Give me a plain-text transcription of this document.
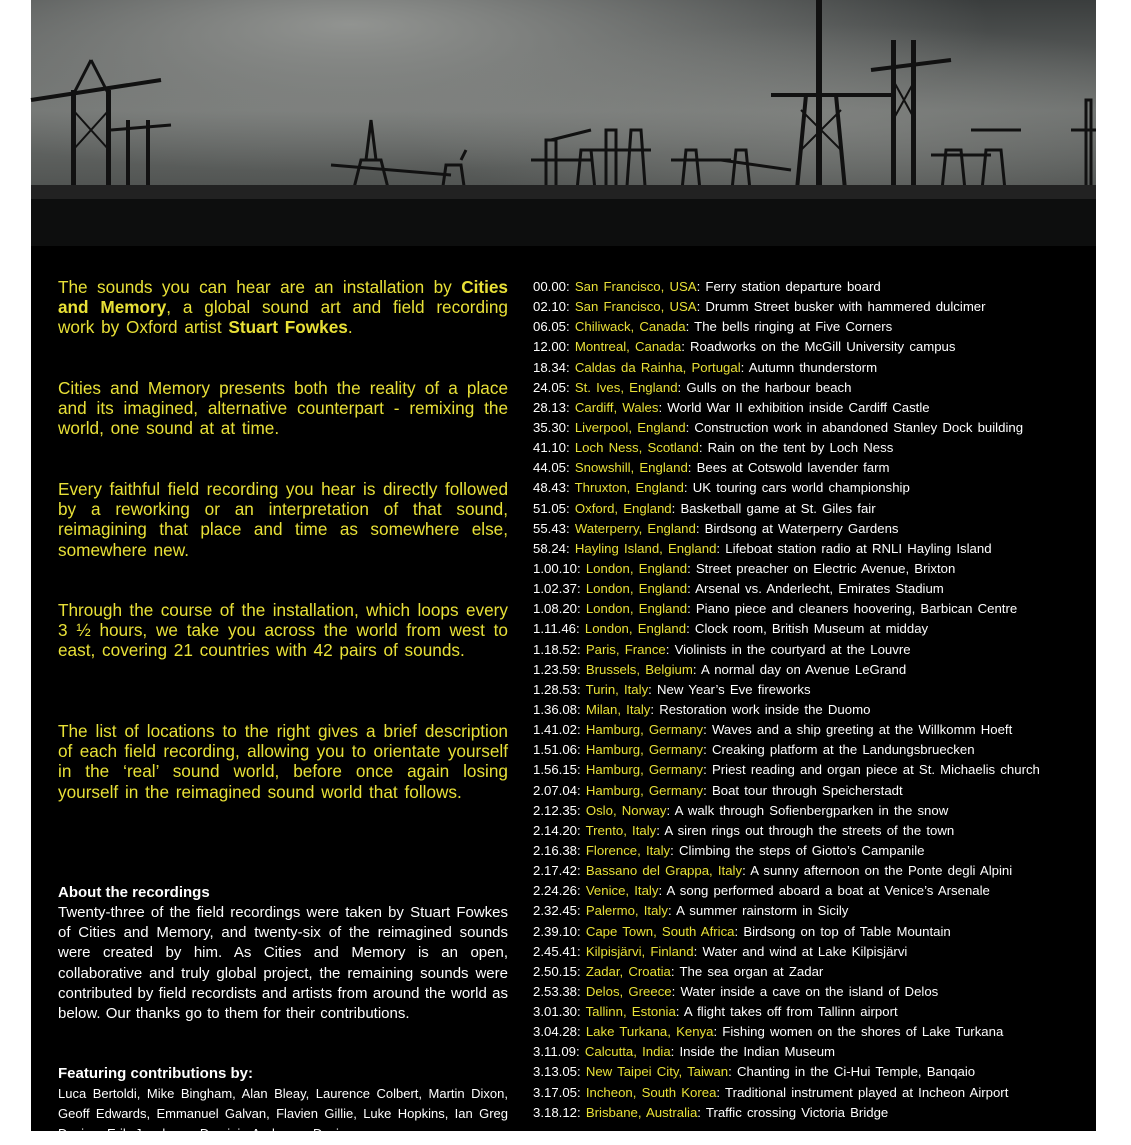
The sounds you can hear are an installation by Cities and Memory, a global sound art and field recording work by Oxford artist Stuart Fowkes.

Cities and Memory presents both the reality of a place and its imagined, alternative counterpart - remixing the world, one sound at at time.

Every faithful field recording you hear is directly followed by a reworking or an interpretation of that sound, reimagining that place and time as somewhere else, somewhere new.

Through the course of the installation, which loops every 3 ½ hours, we take you across the world from west to east, covering 21 countries with 42 pairs of sounds.

The list of locations to the right gives a brief description of each field recording, allowing you to orientate yourself in the ‘real’ sound world, before once again losing yourself in the reimagined sound world that follows.

About the recordings

Twenty-three of the field recordings were taken by Stuart Fowkes of Cities and Memory, and twenty-six of the reimagined sounds were created by him. As Cities and Memory is an open, collaborative and truly global project, the remaining sounds were contributed by field recordists and artists from around the world as below. Our thanks go to them for their contributions.

Featuring contributions by:

Luca Bertoldi, Mike Bingham, Alan Bleay, Laurence Colbert, Martin Dixon, Geoff Edwards, Emmanuel Galvan, Flavien Gillie, Luke Hopkins, Ian Greg Davies, Erik Jacobsen, Dominic Anderson Davis

00.00: San Francisco, USA: Ferry station departure board
02.10: San Francisco, USA: Drumm Street busker with hammered dulcimer
06.05: Chiliwack, Canada: The bells ringing at Five Corners
12.00: Montreal, Canada: Roadworks on the McGill University campus
18.34: Caldas da Rainha, Portugal: Autumn thunderstorm
24.05: St. Ives, England: Gulls on the harbour beach
28.13: Cardiff, Wales: World War II exhibition inside Cardiff Castle
35.30: Liverpool, England: Construction work in abandoned Stanley Dock building
41.10: Loch Ness, Scotland: Rain on the tent by Loch Ness
44.05: Snowshill, England: Bees at Cotswold lavender farm
48.43: Thruxton, England: UK touring cars world championship
51.05: Oxford, England: Basketball game at St. Giles fair
55.43: Waterperry, England: Birdsong at Waterperry Gardens
58.24: Hayling Island, England: Lifeboat station radio at RNLI Hayling Island
1.00.10: London, England: Street preacher on Electric Avenue, Brixton
1.02.37: London, England: Arsenal vs. Anderlecht, Emirates Stadium
1.08.20: London, England: Piano piece and cleaners hoovering, Barbican Centre
1.11.46: London, England: Clock room, British Museum at midday
1.18.52: Paris, France: Violinists in the courtyard at the Louvre
1.23.59: Brussels, Belgium: A normal day on Avenue LeGrand
1.28.53: Turin, Italy: New Year’s Eve fireworks
1.36.08: Milan, Italy: Restoration work inside the Duomo
1.41.02: Hamburg, Germany: Waves and a ship greeting at the Willkomm Hoeft
1.51.06: Hamburg, Germany: Creaking platform at the Landungsbruecken
1.56.15: Hamburg, Germany: Priest reading and organ piece at St. Michaelis church
2.07.04: Hamburg, Germany: Boat tour through Speicherstadt
2.12.35: Oslo, Norway: A walk through Sofienbergparken in the snow
2.14.20: Trento, Italy: A siren rings out through the streets of the town
2.16.38: Florence, Italy: Climbing the steps of Giotto’s Campanile
2.17.42: Bassano del Grappa, Italy: A sunny afternoon on the Ponte degli Alpini
2.24.26: Venice, Italy: A song performed aboard a boat at Venice’s Arsenale
2.32.45: Palermo, Italy: A summer rainstorm in Sicily
2.39.10: Cape Town, South Africa: Birdsong on top of Table Mountain
2.45.41: Kilpisjärvi, Finland: Water and wind at Lake Kilpisjärvi
2.50.15: Zadar, Croatia: The sea organ at Zadar
2.53.38: Delos, Greece: Water inside a cave on the island of Delos
3.01.30: Tallinn, Estonia: A flight takes off from Tallinn airport
3.04.28: Lake Turkana, Kenya: Fishing women on the shores of Lake Turkana
3.11.09: Calcutta, India: Inside the Indian Museum
3.13.05: New Taipei City, Taiwan: Chanting in the Ci-Hui Temple, Banqaio
3.17.05: Incheon, South Korea: Traditional instrument played at Incheon Airport
3.18.12: Brisbane, Australia: Traffic crossing Victoria Bridge
